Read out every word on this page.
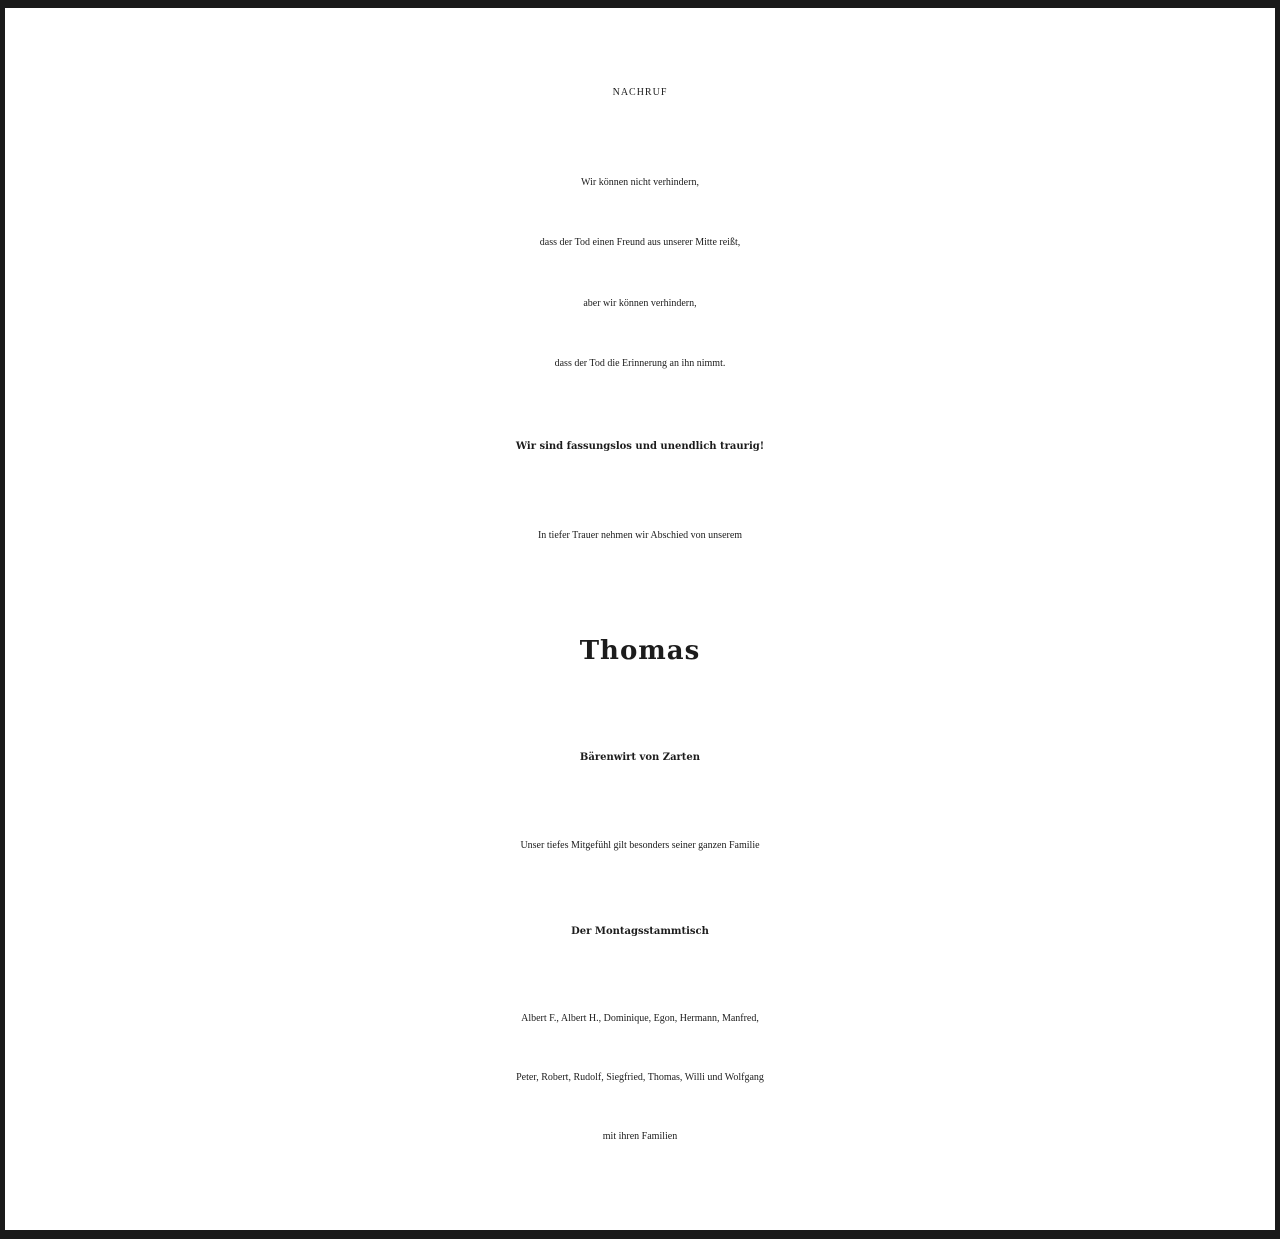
NACHRUF

Wir können nicht verhindern,

dass der Tod einen Freund aus unserer Mitte reißt,

aber wir können verhindern,

dass der Tod die Erinnerung an ihn nimmt.

Wir sind fassungslos und unendlich traurig!

In tiefer Trauer nehmen wir Abschied von unserem

Thomas

Bärenwirt von Zarten

Unser tiefes Mitgefühl gilt besonders seiner ganzen Familie

Der Montagsstammtisch

Albert F., Albert H., Dominique, Egon, Hermann, Manfred,

Peter, Robert, Rudolf, Siegfried, Thomas, Willi und Wolfgang

mit ihren Familien
